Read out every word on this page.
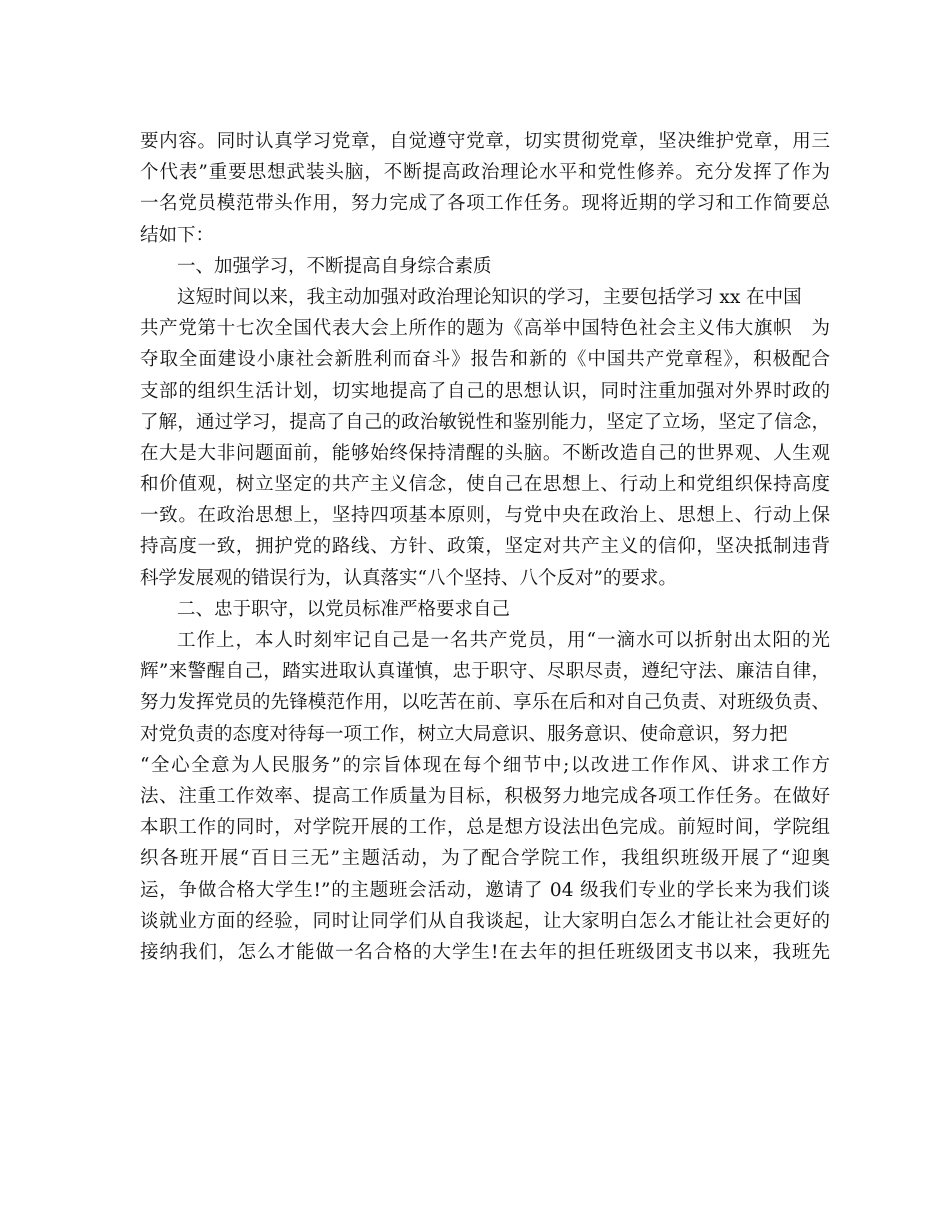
要内容。同时认真学习党章，自觉遵守党章，切实贯彻党章，坚决维护党章，用三
个代表”重要思想武装头脑，不断提高政治理论水平和党性修养。充分发挥了作为
一名党员模范带头作用，努力完成了各项工作任务。现将近期的学习和工作简要总
结如下：
一、加强学习，不断提高自身综合素质
这短时间以来，我主动加强对政治理论知识的学习，主要包括学习 xx 在中国
共产党第十七次全国代表大会上所作的题为《高举中国特色社会主义伟大旗帜　为
夺取全面建设小康社会新胜利而奋斗》报告和新的《中国共产党章程》，积极配合
支部的组织生活计划，切实地提高了自己的思想认识，同时注重加强对外界时政的
了解，通过学习，提高了自己的政治敏锐性和鉴别能力，坚定了立场，坚定了信念，
在大是大非问题面前，能够始终保持清醒的头脑。不断改造自己的世界观、人生观
和价值观，树立坚定的共产主义信念，使自己在思想上、行动上和党组织保持高度
一致。在政治思想上，坚持四项基本原则，与党中央在政治上、思想上、行动上保
持高度一致，拥护党的路线、方针、政策，坚定对共产主义的信仰，坚决抵制违背
科学发展观的错误行为，认真落实“八个坚持、八个反对”的要求。
二、忠于职守，以党员标准严格要求自己
工作上，本人时刻牢记自己是一名共产党员，用“一滴水可以折射出太阳的光
辉”来警醒自己，踏实进取认真谨慎，忠于职守、尽职尽责，遵纪守法、廉洁自律，
努力发挥党员的先锋模范作用，以吃苦在前、享乐在后和对自己负责、对班级负责、
对党负责的态度对待每一项工作，树立大局意识、服务意识、使命意识，努力把
“全心全意为人民服务”的宗旨体现在每个细节中;以改进工作作风、讲求工作方
法、注重工作效率、提高工作质量为目标，积极努力地完成各项工作任务。在做好
本职工作的同时，对学院开展的工作，总是想方设法出色完成。前短时间，学院组
织各班开展“百日三无”主题活动，为了配合学院工作，我组织班级开展了“迎奥
运，争做合格大学生!”的主题班会活动，邀请了 04 级我们专业的学长来为我们谈
谈就业方面的经验，同时让同学们从自我谈起，让大家明白怎么才能让社会更好的
接纳我们，怎么才能做一名合格的大学生!在去年的担任班级团支书以来，我班先
